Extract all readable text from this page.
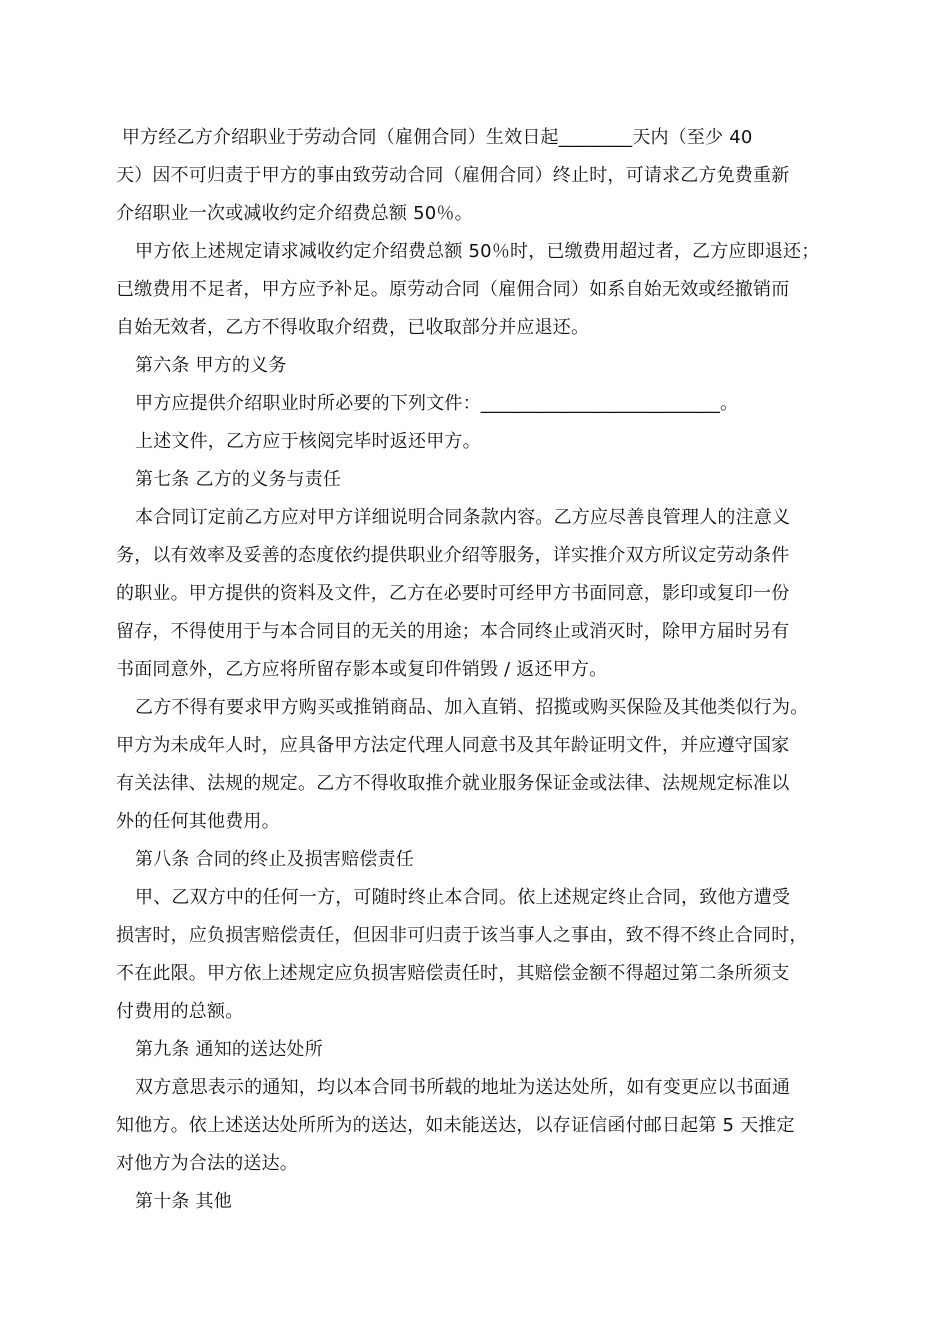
甲方经乙方介绍职业于劳动合同（雇佣合同）生效日起________天内（至少 40
天）因不可归责于甲方的事由致劳动合同（雇佣合同）终止时，可请求乙方免费重新
介绍职业一次或减收约定介绍费总额 50％。
甲方依上述规定请求减收约定介绍费总额 50％时，已缴费用超过者，乙方应即退还；
已缴费用不足者，甲方应予补足。原劳动合同（雇佣合同）如系自始无效或经撤销而
自始无效者，乙方不得收取介绍费，已收取部分并应退还。
第六条 甲方的义务
甲方应提供介绍职业时所必要的下列文件：__________________________。
上述文件，乙方应于核阅完毕时返还甲方。
第七条 乙方的义务与责任
本合同订定前乙方应对甲方详细说明合同条款内容。乙方应尽善良管理人的注意义
务，以有效率及妥善的态度依约提供职业介绍等服务，详实推介双方所议定劳动条件
的职业。甲方提供的资料及文件，乙方在必要时可经甲方书面同意，影印或复印一份
留存，不得使用于与本合同目的无关的用途；本合同终止或消灭时，除甲方届时另有
书面同意外，乙方应将所留存影本或复印件销毁 / 返还甲方。
乙方不得有要求甲方购买或推销商品、加入直销、招揽或购买保险及其他类似行为。
甲方为未成年人时，应具备甲方法定代理人同意书及其年龄证明文件，并应遵守国家
有关法律、法规的规定。乙方不得收取推介就业服务保证金或法律、法规规定标准以
外的任何其他费用。
第八条 合同的终止及损害赔偿责任
甲、乙双方中的任何一方，可随时终止本合同。依上述规定终止合同，致他方遭受
损害时，应负损害赔偿责任，但因非可归责于该当事人之事由，致不得不终止合同时，
不在此限。甲方依上述规定应负损害赔偿责任时，其赔偿金额不得超过第二条所须支
付费用的总额。
第九条 通知的送达处所
双方意思表示的通知，均以本合同书所载的地址为送达处所，如有变更应以书面通
知他方。依上述送达处所所为的送达，如未能送达，以存证信函付邮日起第 5 天推定
对他方为合法的送达。
第十条 其他
